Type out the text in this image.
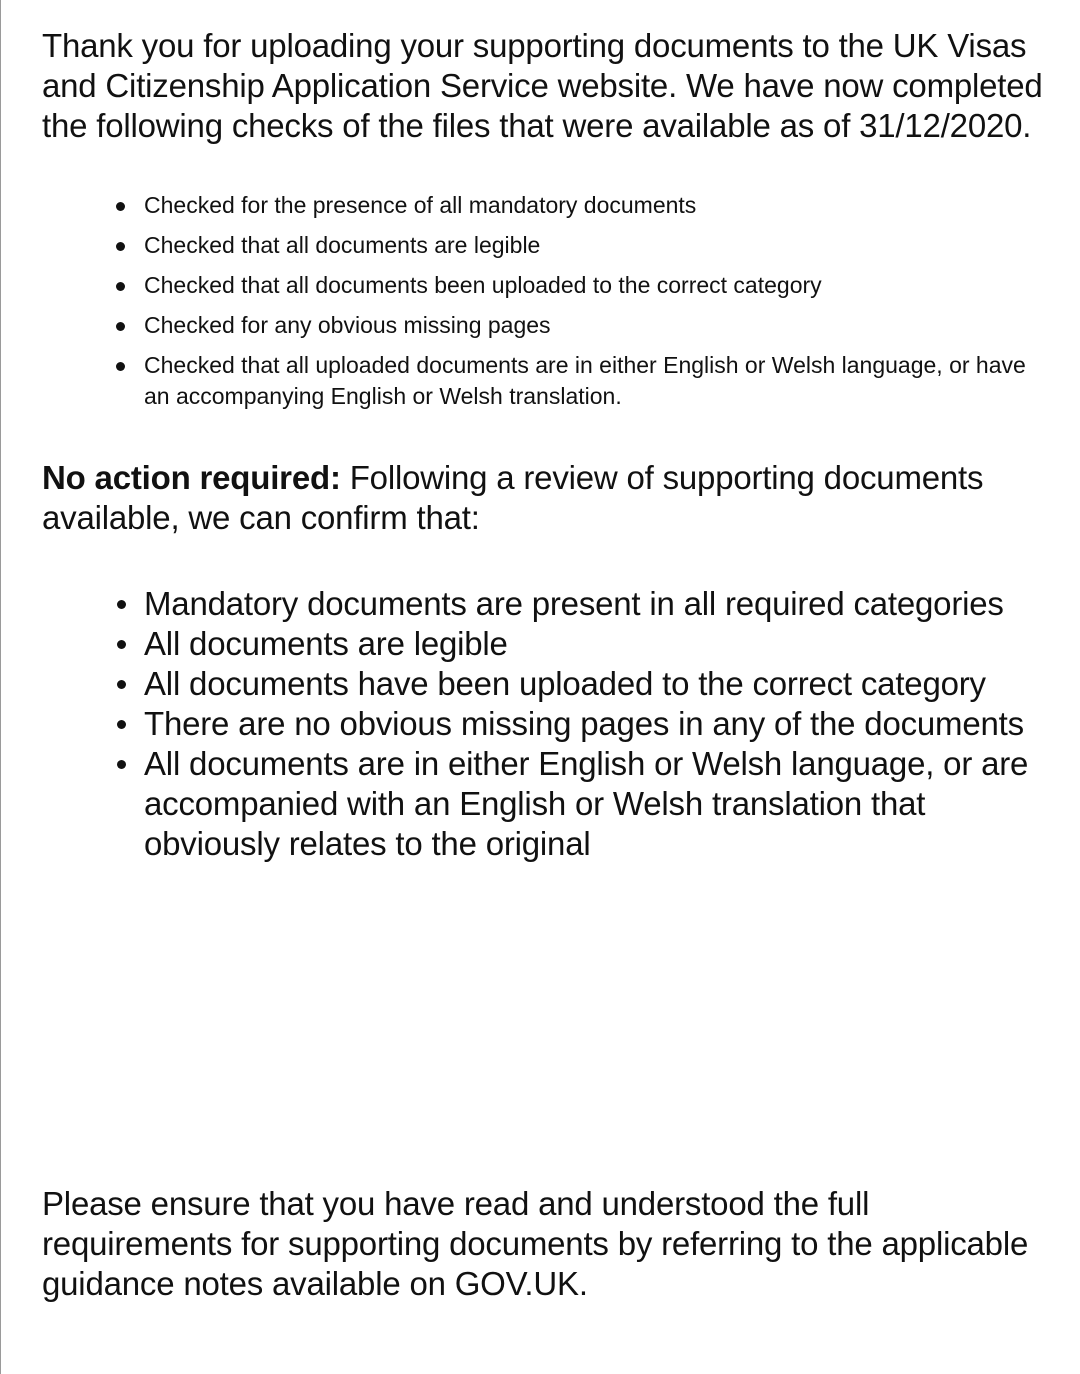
Thank you for uploading your supporting documents to the UK Visas and Citizenship Application Service website. We have now completed the following checks of the files that were available as of 31/12/2020.

Checked for the presence of all mandatory documents
Checked that all documents are legible
Checked that all documents been uploaded to the correct category
Checked for any obvious missing pages
Checked that all uploaded documents are in either English or Welsh language, or have an accompanying English or Welsh translation.

No action required: Following a review of supporting documents available, we can confirm that:

Mandatory documents are present in all required categories
All documents are legible
All documents have been uploaded to the correct category
There are no obvious missing pages in any of the documents
All documents are in either English or Welsh language, or are accompanied with an English or Welsh translation that obviously relates to the original

Please ensure that you have read and understood the full requirements for supporting documents by referring to the applicable guidance notes available on GOV.UK.
